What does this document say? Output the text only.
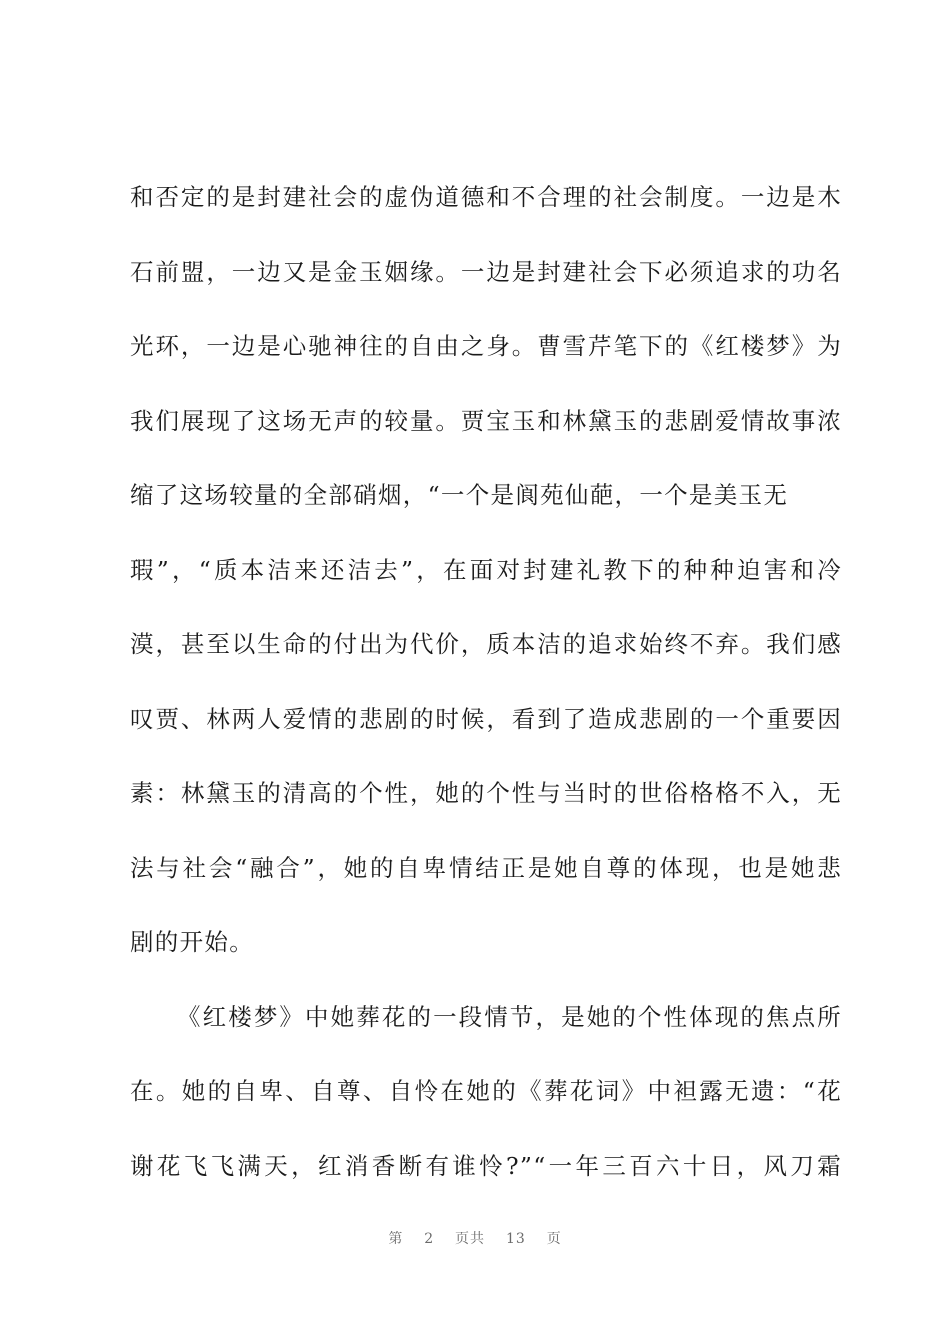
和否定的是封建社会的虚伪道德和不合理的社会制度。一边是木
石前盟，一边又是金玉姻缘。一边是封建社会下必须追求的功名
光环，一边是心驰神往的自由之身。曹雪芹笔下的《红楼梦》为
我们展现了这场无声的较量。贾宝玉和林黛玉的悲剧爱情故事浓
缩了这场较量的全部硝烟，“一个是阆苑仙葩，一个是美玉无
瑕”，“质本洁来还洁去”，在面对封建礼教下的种种迫害和冷
漠，甚至以生命的付出为代价，质本洁的追求始终不弃。我们感
叹贾、林两人爱情的悲剧的时候，看到了造成悲剧的一个重要因
素：林黛玉的清高的个性，她的个性与当时的世俗格格不入，无
法与社会“融合”，她的自卑情结正是她自尊的体现，也是她悲
剧的开始。
《红楼梦》中她葬花的一段情节，是她的个性体现的焦点所
在。她的自卑、自尊、自怜在她的《葬花词》中袒露无遗：“花
谢花飞飞满天，红消香断有谁怜?”“一年三百六十日，风刀霜
第 2 页共 13 页
